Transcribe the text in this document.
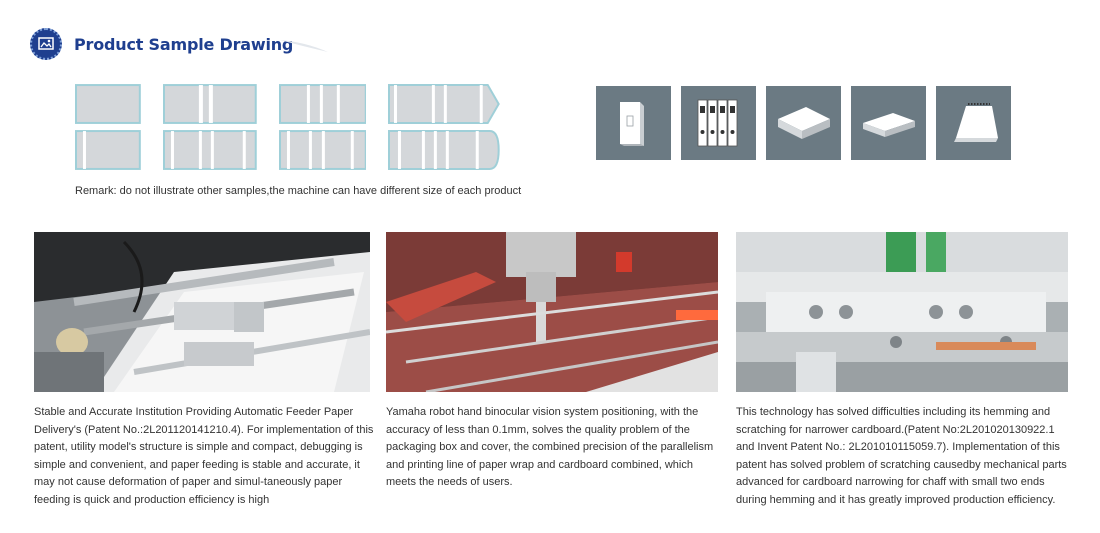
Product Sample Drawing
Remark: do not illustrate other samples,the machine can have different size of each product
Stable and Accurate Institution Providing Automatic Feeder Paper Delivery's (Patent No.:2L201120141210.4). For implementation of this patent, utility model's structure is simple and compact, debugging is simple and convenient, and paper feeding is stable and accurate, it may not cause deformation of paper and simul-taneously paper feeding is quick and production efficiency is high
Yamaha robot hand binocular vision system positioning, with the accuracy of less than 0.1mm, solves the quality problem of the packaging box and cover, the combined precision of the parallelism and printing line of paper wrap and cardboard combined, which meets the needs of users.
This technology has solved difficulties including its hemming and scratching for narrower cardboard.(Patent No:2L201020130922.1 and Invent Patent No.: 2L201010115059.7). Implementation of this patent has solved problem of scratching causedby mechanical parts advanced for cardboard narrowing for chaff with small two ends during hemming and it has greatly improved production efficiency.
